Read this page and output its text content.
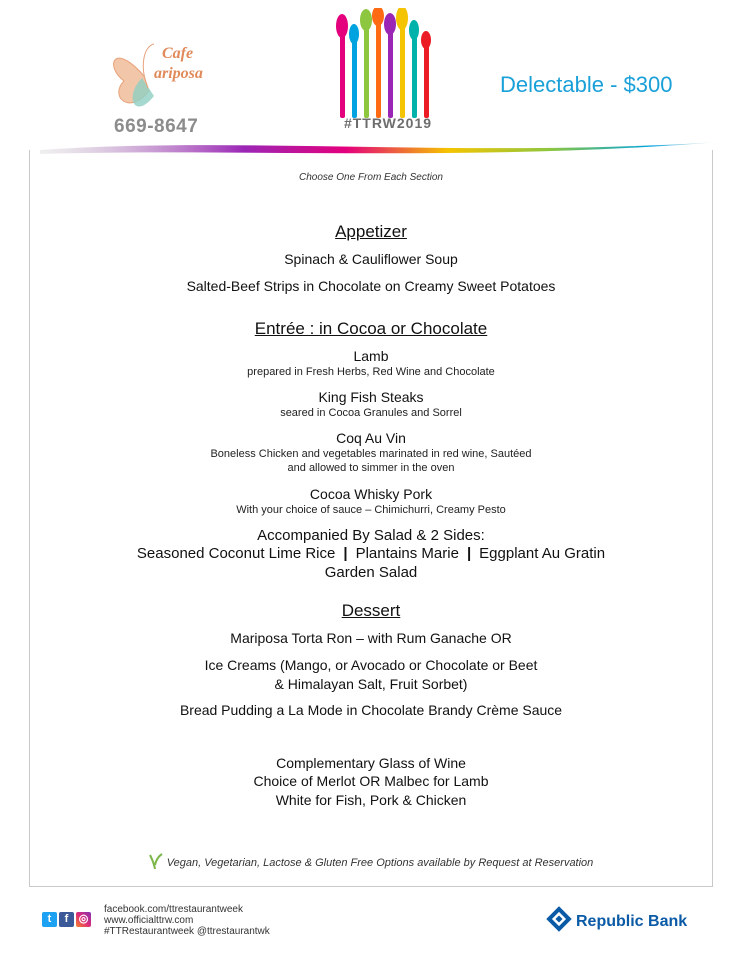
Cafe
ariposa
669-8647	#TTRW2019
Delectable - $300
Choose One From Each Section
Appetizer
Spinach & Cauliflower Soup
Salted-Beef Strips in Chocolate on Creamy Sweet Potatoes
Entrée : in Cocoa or Chocolate
Lamb
prepared in Fresh Herbs, Red Wine and Chocolate
King Fish Steaks
seared in Cocoa Granules and Sorrel
Coq Au Vin
Boneless Chicken and vegetables marinated in red wine, Sautéed
and allowed to simmer in the oven
Cocoa Whisky Pork
With your choice of sauce – Chimichurri, Creamy Pesto
Accompanied By Salad & 2 Sides:
Seasoned Coconut Lime Rice | Plantains Marie | Eggplant Au Gratin
Garden Salad
Dessert
Mariposa Torta Ron – with Rum Ganache OR
Ice Creams (Mango, or Avocado or Chocolate or Beet
& Himalayan Salt, Fruit Sorbet)
Bread Pudding a La Mode in Chocolate Brandy Crème Sauce
Complementary Glass of Wine
Choice of Merlot OR Malbec for Lamb
White for Fish, Pork & Chicken
Vegan, Vegetarian, Lactose & Gluten Free Options available by Request at Reservation
t f ◎
facebook.com/ttrestaurantweek
www.officialttrw.com
#TTRestaurantweek @ttrestaurantwk
Republic Bank
